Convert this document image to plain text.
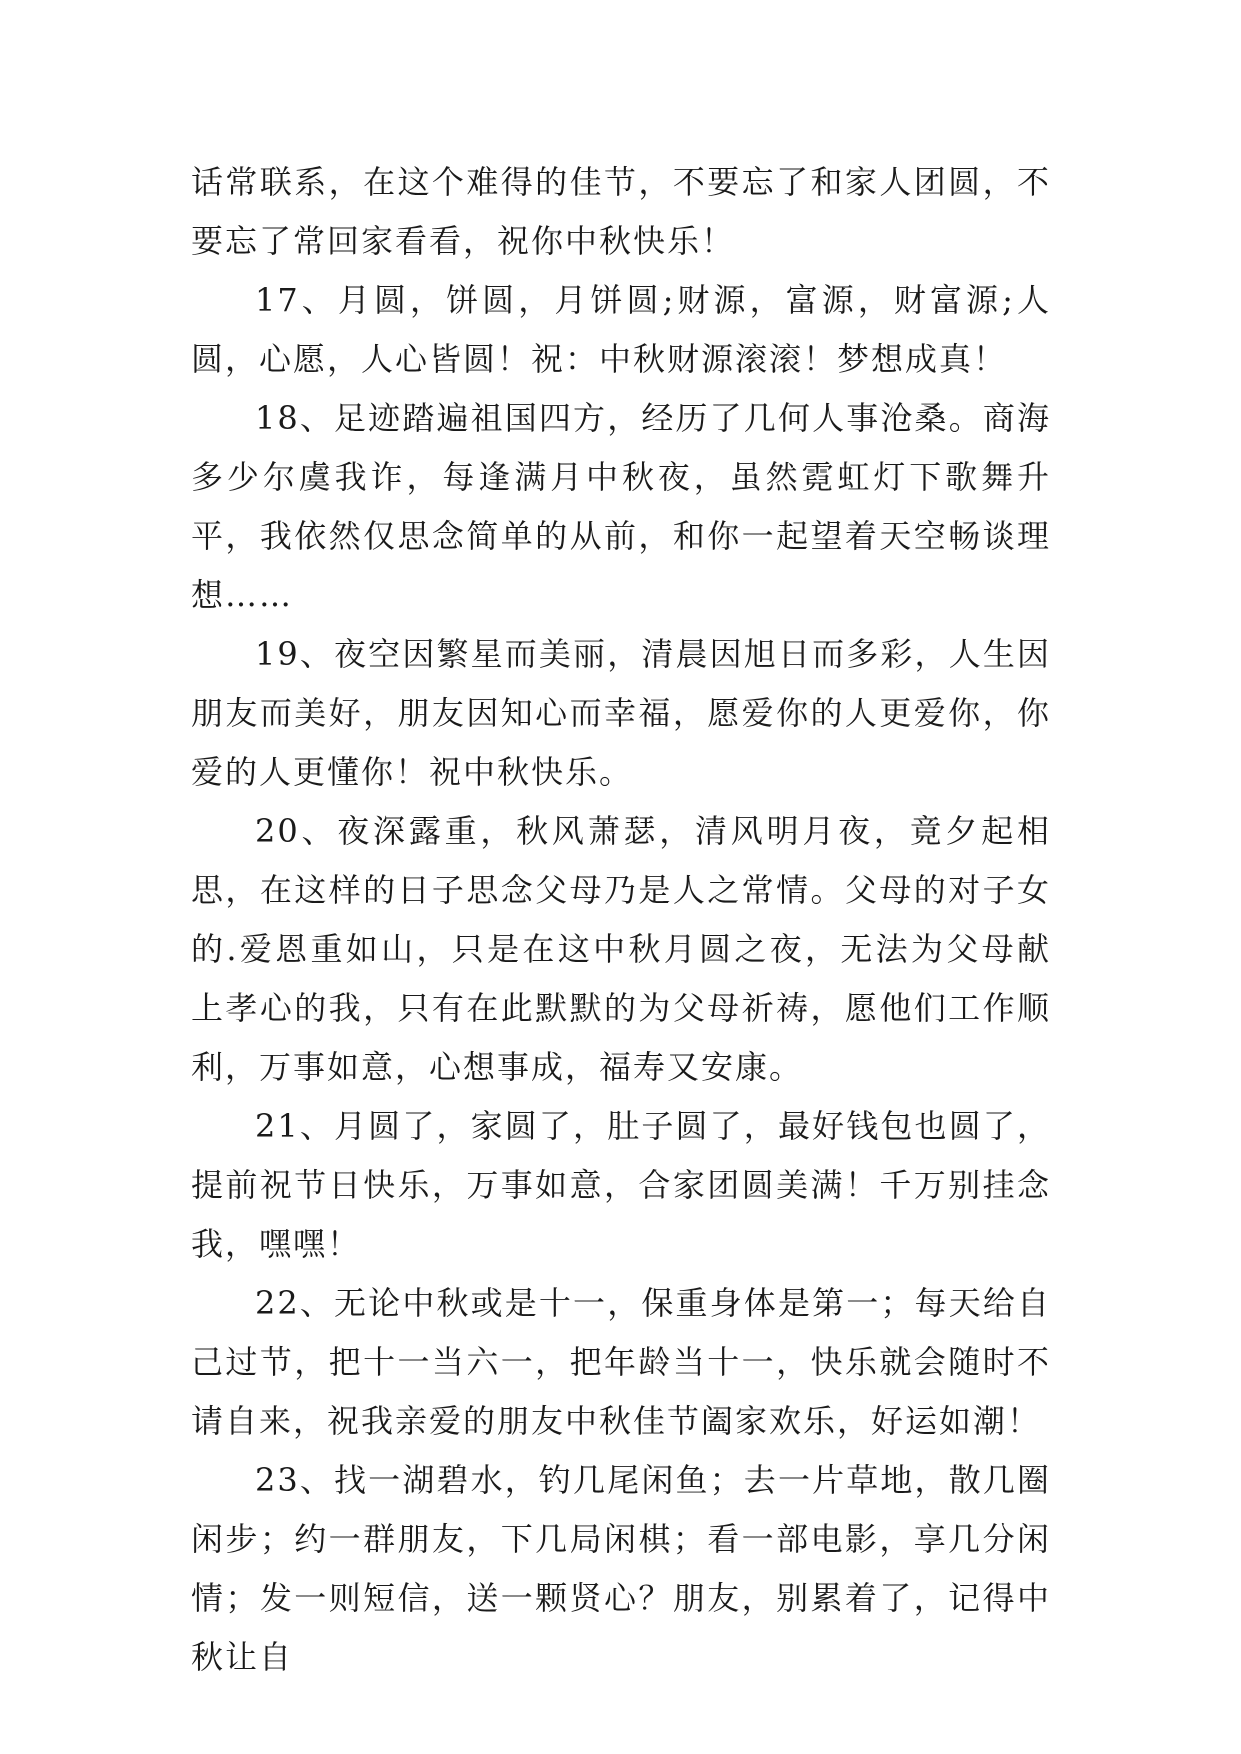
话常联系，在这个难得的佳节，不要忘了和家人团圆，不要忘了常回家看看，祝你中秋快乐！

17、月圆，饼圆，月饼圆;财源，富源，财富源;人圆，心愿，人心皆圆！祝：中秋财源滚滚！梦想成真！

18、足迹踏遍祖国四方，经历了几何人事沧桑。商海多少尔虞我诈，每逢满月中秋夜，虽然霓虹灯下歌舞升平，我依然仅思念简单的从前，和你一起望着天空畅谈理想……

19、夜空因繁星而美丽，清晨因旭日而多彩，人生因朋友而美好，朋友因知心而幸福，愿爱你的人更爱你，你爱的人更懂你！祝中秋快乐。

20、夜深露重，秋风萧瑟，清风明月夜，竟夕起相思，在这样的日子思念父母乃是人之常情。父母的对子女的.爱恩重如山，只是在这中秋月圆之夜，无法为父母献上孝心的我，只有在此默默的为父母祈祷，愿他们工作顺利，万事如意，心想事成，福寿又安康。

21、月圆了，家圆了，肚子圆了，最好钱包也圆了，提前祝节日快乐，万事如意，合家团圆美满！千万别挂念我，嘿嘿！

22、无论中秋或是十一，保重身体是第一；每天给自己过节，把十一当六一，把年龄当十一，快乐就会随时不请自来，祝我亲爱的朋友中秋佳节阖家欢乐，好运如潮！

23、找一湖碧水，钓几尾闲鱼；去一片草地，散几圈闲步；约一群朋友，下几局闲棋；看一部电影，享几分闲情；发一则短信，送一颗贤心？朋友，别累着了，记得中秋让自
